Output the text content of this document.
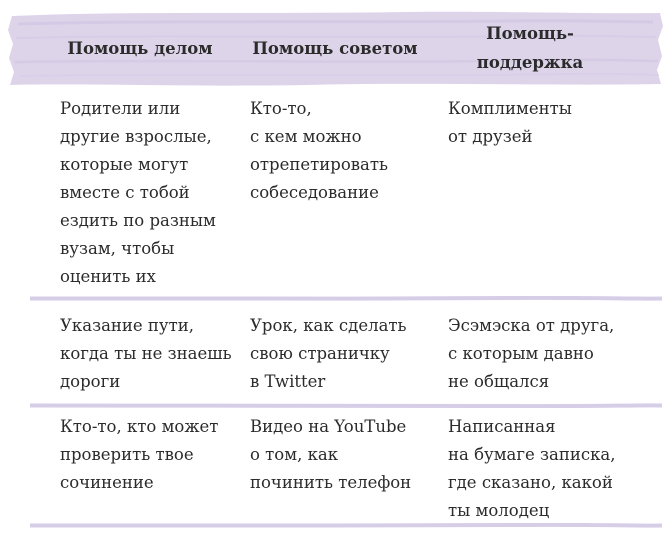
Помощь делом	Помощь советом
Помощь-
поддержка
Родители или
другие взрослые,
которые могут
вместе с тобой
ездить по разным
вузам, чтобы
оценить их
Кто-то,
с кем можно
отрепетировать
собеседование
Комплименты
от друзей
Указание пути,
когда ты не знаешь
дороги
Урок, как сделать
свою страничку
в Twitter
Эсэмэска от друга,
с которым давно
не общался
Кто-то, кто может
проверить твое
сочинение
Видео на YouTube
о том, как
починить телефон
Написанная
на бумаге записка,
где сказано, какой
ты молодец
